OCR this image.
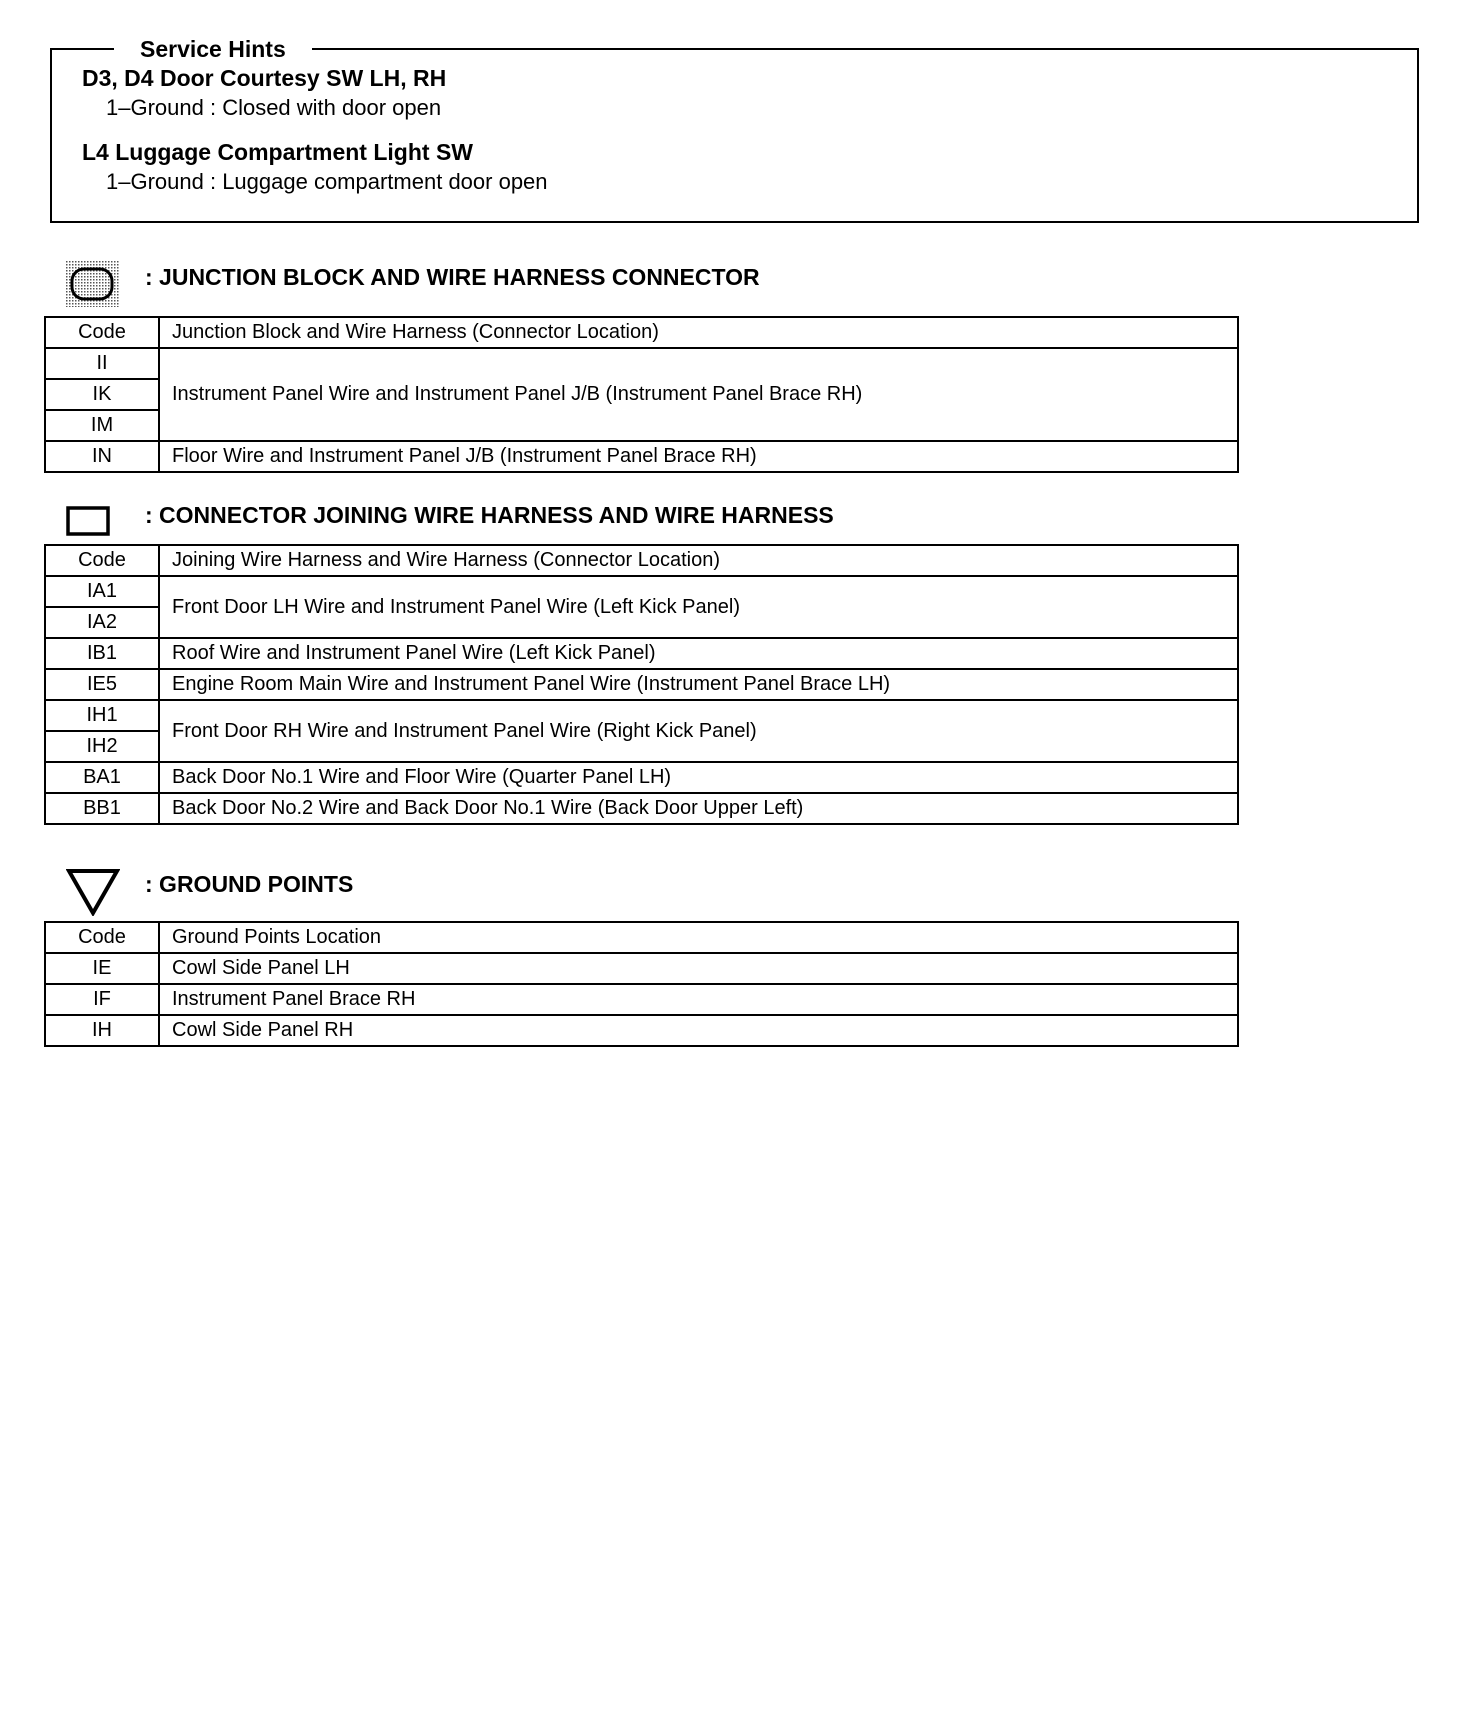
Service Hints
D3, D4 Door Courtesy SW LH, RH
1–Ground : Closed with door open
L4 Luggage Compartment Light SW
1–Ground : Luggage compartment door open
: JUNCTION BLOCK AND WIRE HARNESS CONNECTOR
Code	Junction Block and Wire Harness (Connector Location)
II	Instrument Panel Wire and Instrument Panel J/B (Instrument Panel Brace RH)
IK	
IM	
IN	Floor Wire and Instrument Panel J/B (Instrument Panel Brace RH)
: CONNECTOR JOINING WIRE HARNESS AND WIRE HARNESS
Code	Joining Wire Harness and Wire Harness (Connector Location)
IA1	Front Door LH Wire and Instrument Panel Wire (Left Kick Panel)
IA2	
IB1	Roof Wire and Instrument Panel Wire (Left Kick Panel)
IE5	Engine Room Main Wire and Instrument Panel Wire (Instrument Panel Brace LH)
IH1	Front Door RH Wire and Instrument Panel Wire (Right Kick Panel)
IH2	
BA1	Back Door No.1 Wire and Floor Wire (Quarter Panel LH)
BB1	Back Door No.2 Wire and Back Door No.1 Wire (Back Door Upper Left)
: GROUND POINTS
Code	Ground Points Location
IE	Cowl Side Panel LH
IF	Instrument Panel Brace RH
IH	Cowl Side Panel RH
